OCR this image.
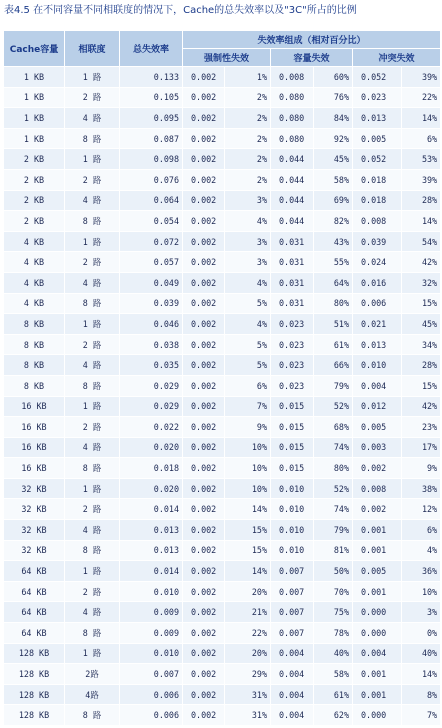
表4.5 在不同容量不同相联度的情况下，Cache的总失效率以及"3C"所占的比例
Cache容量	相联度	总失效率	失效率组成（相对百分比）					
			强制性失效		容量失效		冲突失效	
1 KB	1 路	0.133	0.002	1%	0.008	60%	0.052	39%
1 KB	2 路	0.105	0.002	2%	0.080	76%	0.023	22%
1 KB	4 路	0.095	0.002	2%	0.080	84%	0.013	14%
1 KB	8 路	0.087	0.002	2%	0.080	92%	0.005	6%
2 KB	1 路	0.098	0.002	2%	0.044	45%	0.052	53%
2 KB	2 路	0.076	0.002	2%	0.044	58%	0.018	39%
2 KB	4 路	0.064	0.002	3%	0.044	69%	0.018	28%
2 KB	8 路	0.054	0.002	4%	0.044	82%	0.008	14%
4 KB	1 路	0.072	0.002	3%	0.031	43%	0.039	54%
4 KB	2 路	0.057	0.002	3%	0.031	55%	0.024	42%
4 KB	4 路	0.049	0.002	4%	0.031	64%	0.016	32%
4 KB	8 路	0.039	0.002	5%	0.031	80%	0.006	15%
8 KB	1 路	0.046	0.002	4%	0.023	51%	0.021	45%
8 KB	2 路	0.038	0.002	5%	0.023	61%	0.013	34%
8 KB	4 路	0.035	0.002	5%	0.023	66%	0.010	28%
8 KB	8 路	0.029	0.002	6%	0.023	79%	0.004	15%
16 KB	1 路	0.029	0.002	7%	0.015	52%	0.012	42%
16 KB	2 路	0.022	0.002	9%	0.015	68%	0.005	23%
16 KB	4 路	0.020	0.002	10%	0.015	74%	0.003	17%
16 KB	8 路	0.018	0.002	10%	0.015	80%	0.002	9%
32 KB	1 路	0.020	0.002	10%	0.010	52%	0.008	38%
32 KB	2 路	0.014	0.002	14%	0.010	74%	0.002	12%
32 KB	4 路	0.013	0.002	15%	0.010	79%	0.001	6%
32 KB	8 路	0.013	0.002	15%	0.010	81%	0.001	4%
64 KB	1 路	0.014	0.002	14%	0.007	50%	0.005	36%
64 KB	2 路	0.010	0.002	20%	0.007	70%	0.001	10%
64 KB	4 路	0.009	0.002	21%	0.007	75%	0.000	3%
64 KB	8 路	0.009	0.002	22%	0.007	78%	0.000	0%
128 KB	1 路	0.010	0.002	20%	0.004	40%	0.004	40%
128 KB	2路	0.007	0.002	29%	0.004	58%	0.001	14%
128 KB	4路	0.006	0.002	31%	0.004	61%	0.001	8%
128 KB	8 路	0.006	0.002	31%	0.004	62%	0.000	7%
